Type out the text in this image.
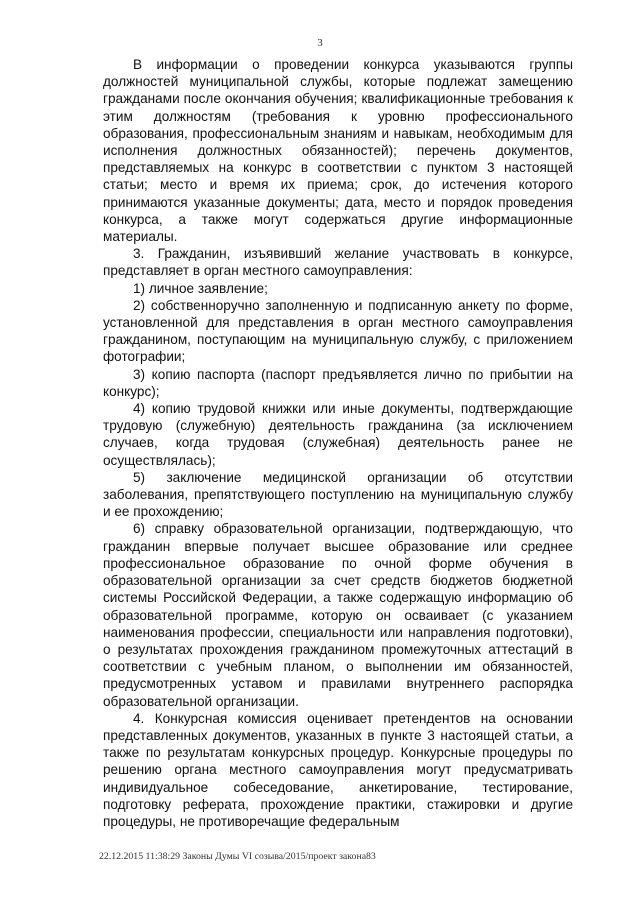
3

В информации о проведении конкурса указываются группы должностей муниципальной службы, которые подлежат замещению гражданами после окончания обучения; квалификационные требования к этим должностям (требования к уровню профессионального образования, профессиональным знаниям и навыкам, необходимым для исполнения должностных обязанностей); перечень документов, представляемых на конкурс в соответствии с пунктом 3 настоящей статьи; место и время их приема; срок, до истечения которого принимаются указанные документы; дата, место и порядок проведения конкурса, а также могут содержаться другие информационные материалы.

3. Гражданин, изъявивший желание участвовать в конкурсе, представляет в орган местного самоуправления:

1) личное заявление;

2) собственноручно заполненную и подписанную анкету по форме, установленной для представления в орган местного самоуправления гражданином, поступающим на муниципальную службу, с приложением фотографии;

3) копию паспорта (паспорт предъявляется лично по прибытии на конкурс);

4) копию трудовой книжки или иные документы, подтверждающие трудовую (служебную) деятельность гражданина (за исключением случаев, когда трудовая (служебная) деятельность ранее не осуществлялась);

5) заключение медицинской организации об отсутствии заболевания, препятствующего поступлению на муниципальную службу и ее прохождению;

6) справку образовательной организации, подтверждающую, что гражданин впервые получает высшее образование или среднее профессиональное образование по очной форме обучения в образовательной организации за счет средств бюджетов бюджетной системы Российской Федерации, а также содержащую информацию об образовательной программе, которую он осваивает (с указанием наименования профессии, специальности или направления подготовки), о результатах прохождения гражданином промежуточных аттестаций в соответствии с учебным планом, о выполнении им обязанностей, предусмотренных уставом и правилами внутреннего распорядка образовательной организации.

4. Конкурсная комиссия оценивает претендентов на основании представленных документов, указанных в пункте 3 настоящей статьи, а также по результатам конкурсных процедур. Конкурсные процедуры по решению органа местного самоуправления могут предусматривать индивидуальное собеседование, анкетирование, тестирование, подготовку реферата, прохождение практики, стажировки и другие процедуры, не противоречащие федеральным

22.12.2015 11:38:29 Законы Думы VI созыва/2015/проект закона83
